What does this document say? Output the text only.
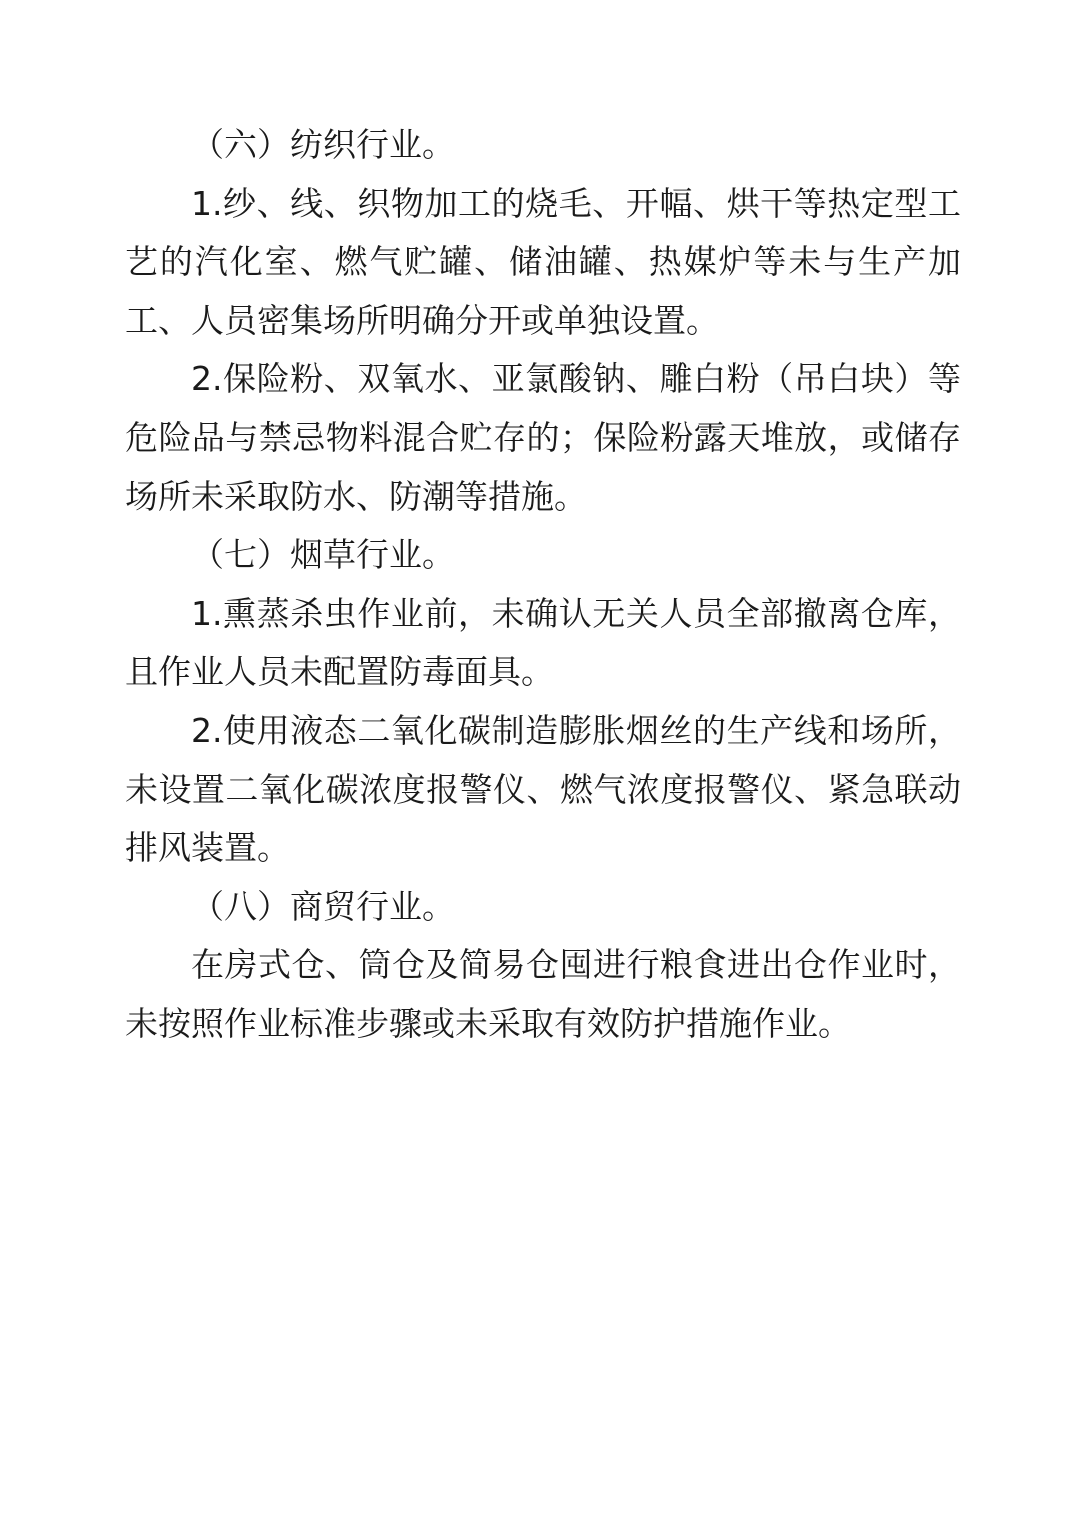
（六）纺织行业。

1.纱、线、织物加工的烧毛、开幅、烘干等热定型工艺的汽化室、燃气贮罐、储油罐、热媒炉等未与生产加工、人员密集场所明确分开或单独设置。

2.保险粉、双氧水、亚氯酸钠、雕白粉（吊白块）等危险品与禁忌物料混合贮存的；保险粉露天堆放，或储存场所未采取防水、防潮等措施。

（七）烟草行业。

1.熏蒸杀虫作业前，未确认无关人员全部撤离仓库，且作业人员未配置防毒面具。

2.使用液态二氧化碳制造膨胀烟丝的生产线和场所，未设置二氧化碳浓度报警仪、燃气浓度报警仪、紧急联动排风装置。

（八）商贸行业。

在房式仓、筒仓及简易仓囤进行粮食进出仓作业时，未按照作业标准步骤或未采取有效防护措施作业。
